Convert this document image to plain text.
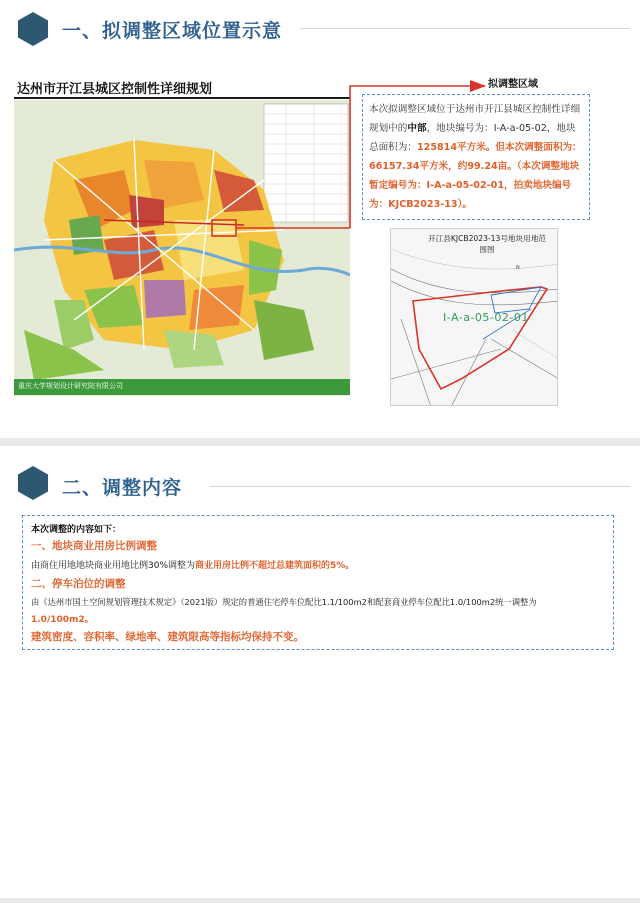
一、拟调整区域位置示意
达州市开江县城区控制性详细规划
重庆大学规划设计研究院有限公司
拟调整区域
本次拟调整区域位于达州市开江县城区控制性详细规划中的中部，地块编号为：I-A-a-05-02，地块总面积为：125814平方米。但本次调整面积为：66157.34平方米，约99.24亩。（本次调整地块暂定编号为：I-A-a-05-02-01，拍卖地块编号为：KJCB2023-13）。
N
开江县KJCB2023-13号地块用地范围图
I-A-a-05-02-01
二、调整内容
本次调整的内容如下：
一、地块商业用房比例调整
由商住用地地块商业用地比例30%调整为商业用房比例不超过总建筑面积的5%。
二、停车泊位的调整
由《达州市国土空间规划管理技术规定》（2021版）规定的普通住宅停车位配比1.1/100m2和配套商业停车位配比1.0/100m2统一调整为
1.0/100m2。
建筑密度、容积率、绿地率、建筑限高等指标均保持不变。
